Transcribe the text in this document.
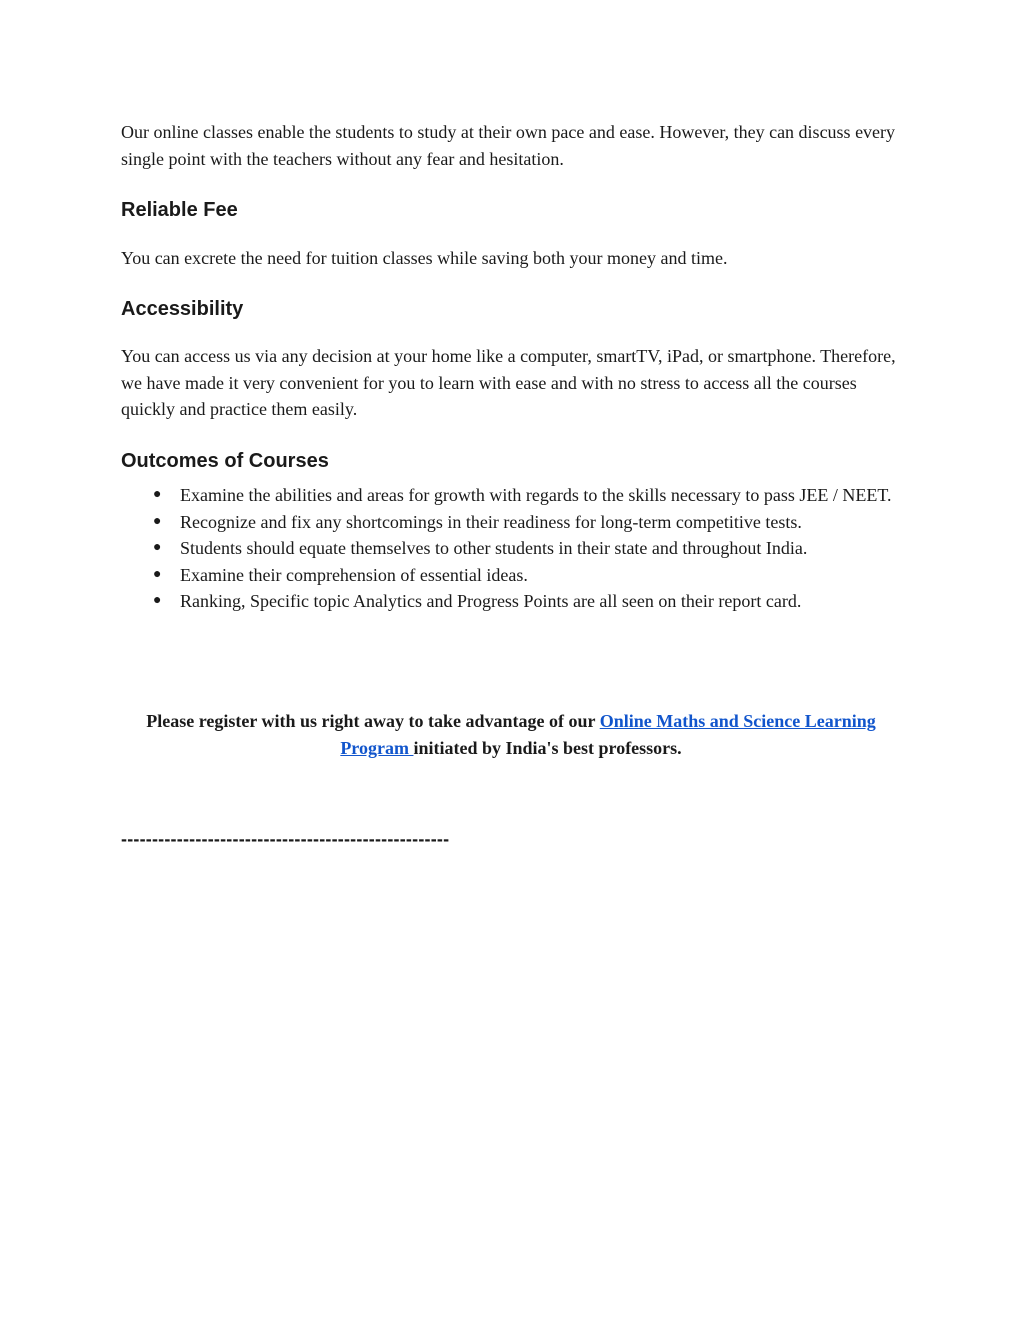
Our online classes enable the students to study at their own pace and ease. However, they can discuss every single point with the teachers without any fear and hesitation.

Reliable Fee

You can excrete the need for tuition classes while saving both your money and time.

Accessibility

You can access us via any decision at your home like a computer, smartTV, iPad, or smartphone. Therefore, we have made it very convenient for you to learn with ease and with no stress to access all the courses quickly and practice them easily.

Outcomes of Courses
● Examine the abilities and areas for growth with regards to the skills necessary to pass JEE / NEET.
● Recognize and fix any shortcomings in their readiness for long-term competitive tests.
● Students should equate themselves to other students in their state and throughout India.
● Examine their comprehension of essential ideas.
● Ranking, Specific topic Analytics and Progress Points are all seen on their report card.

Please register with us right away to take advantage of our Online Maths and Science Learning Program initiated by India's best professors.

-----------------------------------------------------
